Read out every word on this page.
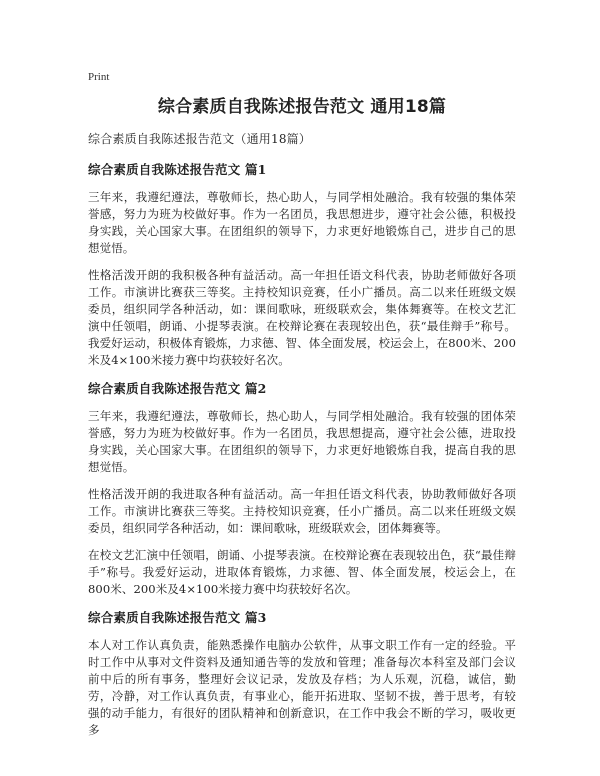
Print
综合素质自我陈述报告范文 通用18篇
综合素质自我陈述报告范文（通用18篇）
综合素质自我陈述报告范文 篇1

三年来，我遵纪遵法，尊敬师长，热心助人，与同学相处融洽。我有较强的集体荣誉感，努力为班为校做好事。作为一名团员，我思想进步，遵守社会公德，积极投身实践，关心国家大事。在团组织的领导下，力求更好地锻炼自己，进步自己的思想觉悟。

性格活泼开朗的我积极各种有益活动。高一年担任语文科代表，协助老师做好各项工作。市演讲比赛获三等奖。主持校知识竞赛，任小广播员。高二以来任班级文娱委员，组织同学各种活动，如：课间歌咏，班级联欢会，集体舞赛等。在校文艺汇演中任领唱，朗诵、小提琴表演。在校辩论赛在表现较出色，获“最佳辩手”称号。我爱好运动，积极体育锻炼，力求德、智、体全面发展，校运会上，在800米、200米及4×100米接力赛中均获较好名次。

综合素质自我陈述报告范文 篇2

三年来，我遵纪遵法，尊敬师长，热心助人，与同学相处融洽。我有较强的团体荣誉感，努力为班为校做好事。作为一名团员，我思想提高，遵守社会公德，进取投身实践，关心国家大事。在团组织的领导下，力求更好地锻炼自我，提高自我的思想觉悟。

性格活泼开朗的我进取各种有益活动。高一年担任语文科代表，协助教师做好各项工作。市演讲比赛获三等奖。主持校知识竞赛，任小广播员。高二以来任班级文娱委员，组织同学各种活动，如：课间歌咏，班级联欢会，团体舞赛等。

在校文艺汇演中任领唱，朗诵、小提琴表演。在校辩论赛在表现较出色，获“最佳辩手”称号。我爱好运动，进取体育锻炼，力求德、智、体全面发展，校运会上，在800米、200米及4×100米接力赛中均获较好名次。

综合素质自我陈述报告范文 篇3

本人对工作认真负责，能熟悉操作电脑办公软件，从事文职工作有一定的经验。平时工作中从事对文件资料及通知通告等的发放和管理；准备每次本科室及部门会议前中后的所有事务，整理好会议记录，发放及存档；为人乐观，沉稳，诚信，勤劳，冷静，对工作认真负责，有事业心，能开拓进取、坚韧不拔，善于思考，有较强的动手能力，有很好的团队精神和创新意识，在工作中我会不断的学习，吸收更多
